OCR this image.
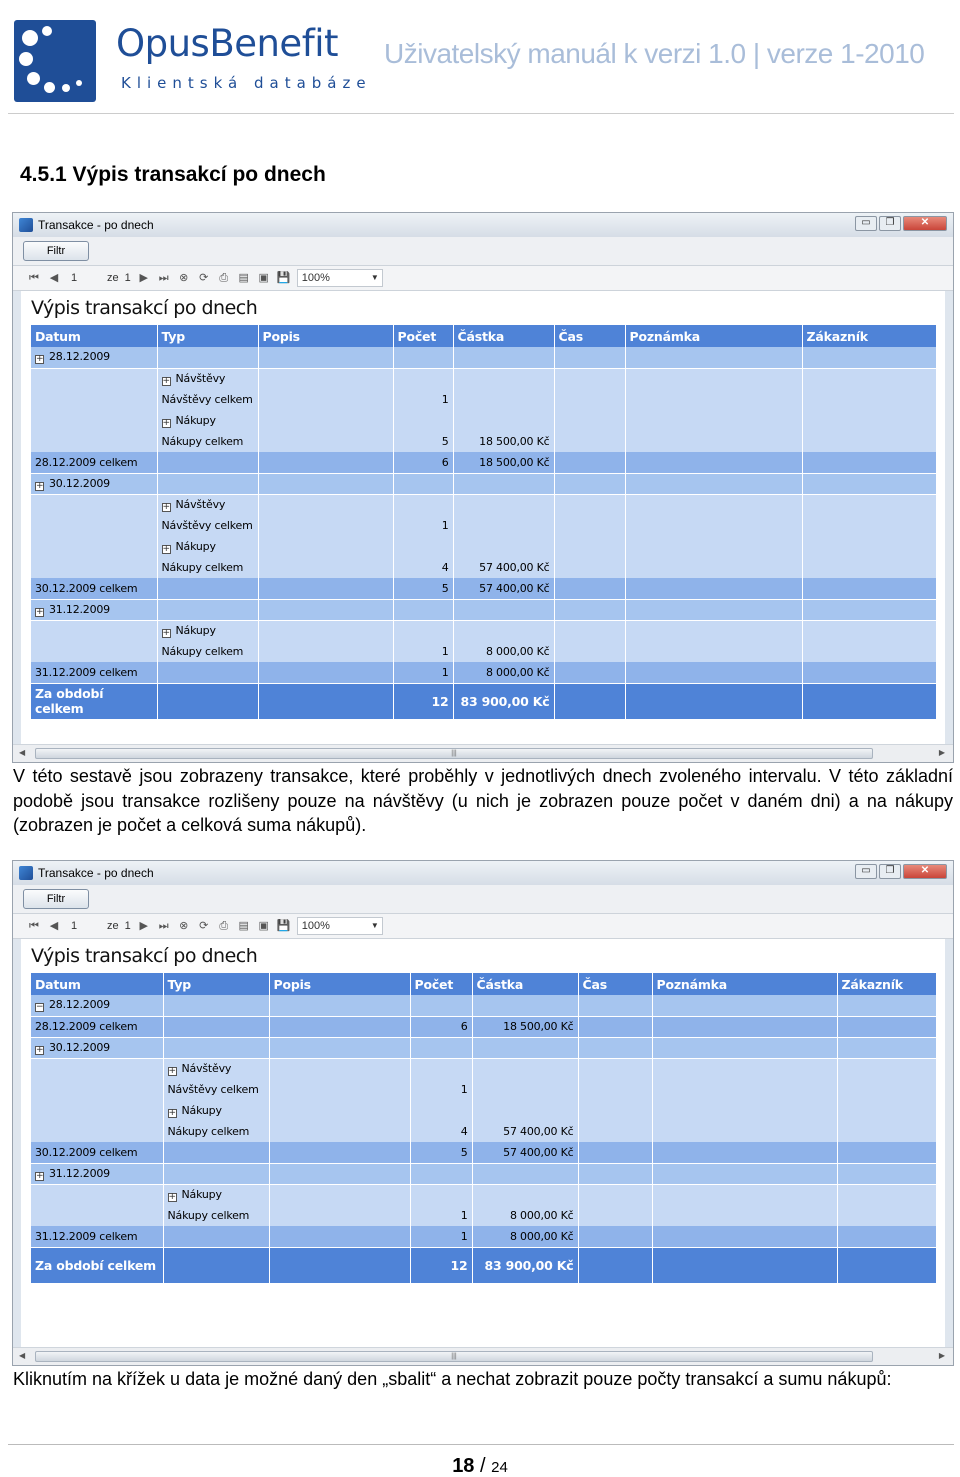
OpusBenefit
Klientská databáze
Uživatelský manuál k verzi 1.0 | verze 1-2010
4.5.1 Výpis transakcí po dnech
Transakce - po dnech	▭	❐	✕
Filtr
⏮ ◀	1	ze 1 ▶ ⏭ ⊗ ⟳ ⎙ ▤ ▣ 💾	100%	▼
Výpis transakcí po dnech
Datum	Typ	Popis	Počet	Částka	Čas	Poznámka	Zákazník
+ 28.12.2009							
	+ Návštěvy						
	Návštěvy celkem		1				
	+ Nákupy						
	Nákupy celkem		5	18 500,00 Kč			
28.12.2009 celkem			6	18 500,00 Kč			
+ 30.12.2009							
	+ Návštěvy						
	Návštěvy celkem		1				
	+ Nákupy						
	Nákupy celkem		4	57 400,00 Kč			
30.12.2009 celkem			5	57 400,00 Kč			
+ 31.12.2009							
	+ Nákupy						
	Nákupy celkem		1	8 000,00 Kč			
31.12.2009 celkem			1	8 000,00 Kč			
Za období celkem			12	83 900,00 Kč			
◀	|||	▶
V této sestavě jsou zobrazeny transakce, které proběhly v jednotlivých dnech zvoleného intervalu. V této základní podobě jsou transakce rozlišeny pouze na návštěvy (u nich je zobrazen pouze počet v daném dni) a na nákupy (zobrazen je počet a celková suma nákupů).
Transakce - po dnech	▭	❐	✕
Filtr
⏮ ◀	1	ze 1 ▶ ⏭ ⊗ ⟳ ⎙ ▤ ▣ 💾	100%	▼
Výpis transakcí po dnech
Datum	Typ	Popis	Počet	Částka	Čas	Poznámka	Zákazník
− 28.12.2009							
28.12.2009 celkem			6	18 500,00 Kč			
+ 30.12.2009							
	+ Návštěvy						
	Návštěvy celkem		1				
	+ Nákupy						
	Nákupy celkem		4	57 400,00 Kč			
30.12.2009 celkem			5	57 400,00 Kč			
+ 31.12.2009							
	+ Nákupy						
	Nákupy celkem		1	8 000,00 Kč			
31.12.2009 celkem			1	8 000,00 Kč			
Za období celkem			12	83 900,00 Kč			
◀	|||	▶
Kliknutím na křížek u data je možné daný den „sbalit“ a nechat zobrazit pouze počty transakcí a sumu nákupů:
18 / 24
